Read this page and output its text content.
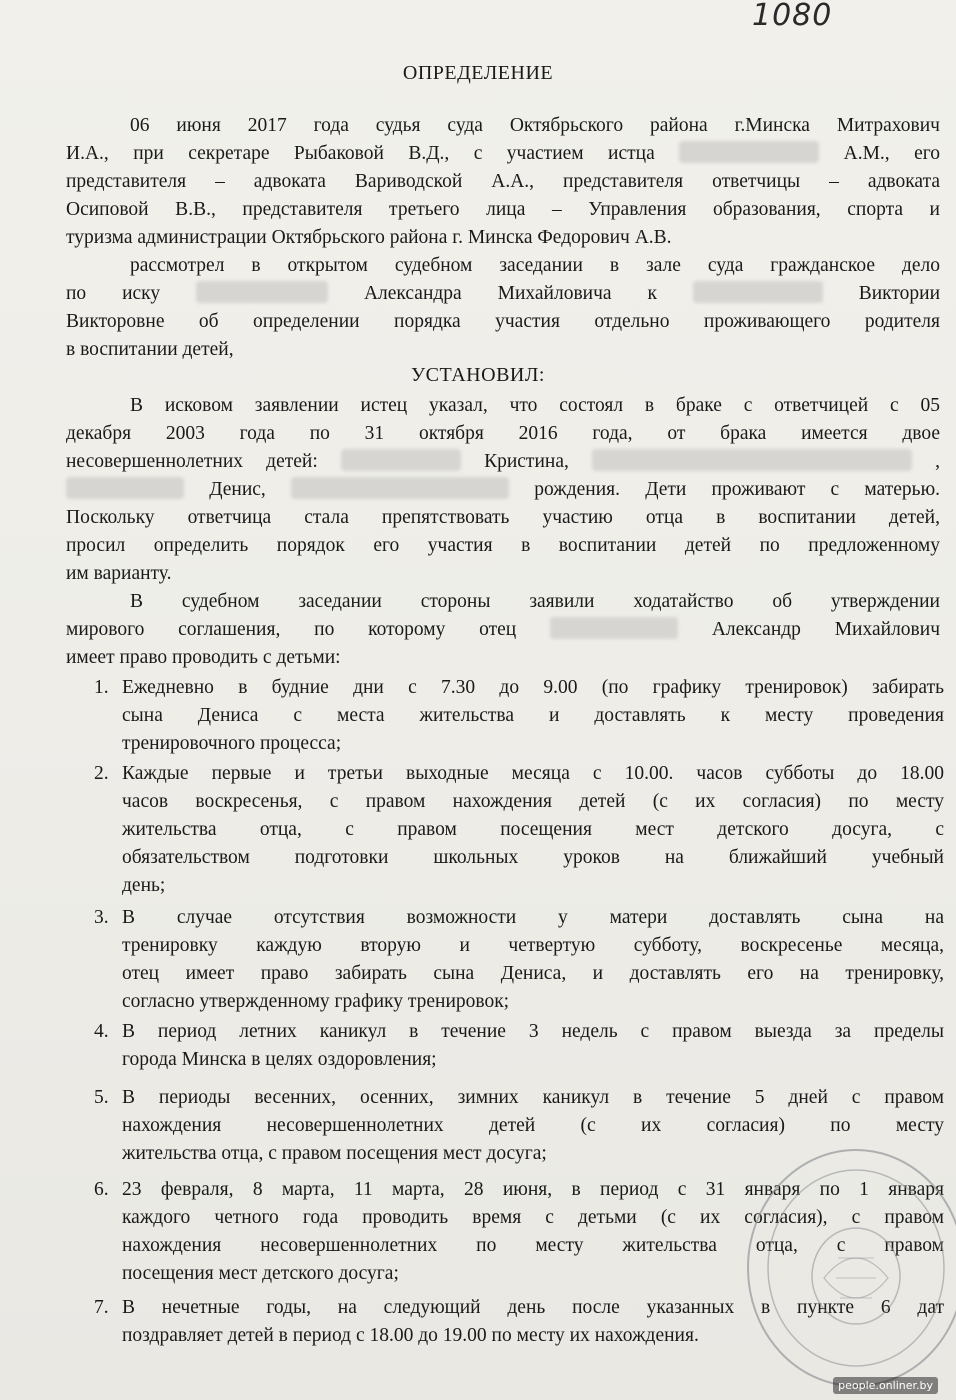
1080
ОПРЕДЕЛЕНИЕ
06 июня 2017 года судья суда Октябрьского района г.Минска Митрахович
И.А., при секретаре Рыбаковой В.Д., с участием истца	А.М., его
представителя – адвоката Вариводской А.А., представителя ответчицы – адвоката
Осиповой В.В., представителя третьего лица – Управления образования, спорта и
туризма администрации Октябрьского района г. Минска Федорович А.В.
рассмотрел в открытом судебном заседании в зале суда гражданское дело
по иску	Александра Михайловича к	Виктории
Викторовне об определении порядка участия отдельно проживающего родителя
в воспитании детей,
УСТАНОВИЛ:
В исковом заявлении истец указал, что состоял в браке с ответчицей с 05
декабря 2003 года по 31 октября 2016 года, от брака имеется двое
несовершеннолетних детей:	Кристина,	,
Денис,	рождения. Дети проживают с матерью.
Поскольку ответчица стала препятствовать участию отца в воспитании детей,
просил определить порядок его участия в воспитании детей по предложенному
им варианту.
В судебном заседании стороны заявили ходатайство об утверждении
мирового соглашения, по которому отец	Александр Михайлович
имеет право проводить с детьми:
1. Ежедневно в будние дни с 7.30 до 9.00 (по графику тренировок) забирать
сына Дениса с места жительства и доставлять к месту проведения
тренировочного процесса;
2. Каждые первые и третьи выходные месяца с 10.00. часов субботы до 18.00
часов воскресенья, с правом нахождения детей (с их согласия) по месту
жительства отца, с правом посещения мест детского досуга, с
обязательством подготовки школьных уроков на ближайший учебный
день;
3. В случае отсутствия возможности у матери доставлять сына на
тренировку каждую вторую и четвертую субботу, воскресенье месяца,
отец имеет право забирать сына Дениса, и доставлять его на тренировку,
согласно утвержденному графику тренировок;
4. В период летних каникул в течение 3 недель с правом выезда за пределы
города Минска в целях оздоровления;
5. В периоды весенних, осенних, зимних каникул в течение 5 дней с правом
нахождения несовершеннолетних детей (с их согласия) по месту
жительства отца, с правом посещения мест досуга;
6. 23 февраля, 8 марта, 11 марта, 28 июня, в период с 31 января по 1 января
каждого четного года проводить время с детьми (с их согласия), с правом
нахождения несовершеннолетних по месту жительства отца, с правом
посещения мест детского досуга;
7. В нечетные годы, на следующий день после указанных в пункте 6 дат
поздравляет детей в период с 18.00 до 19.00 по месту их нахождения.
people.onliner.by
